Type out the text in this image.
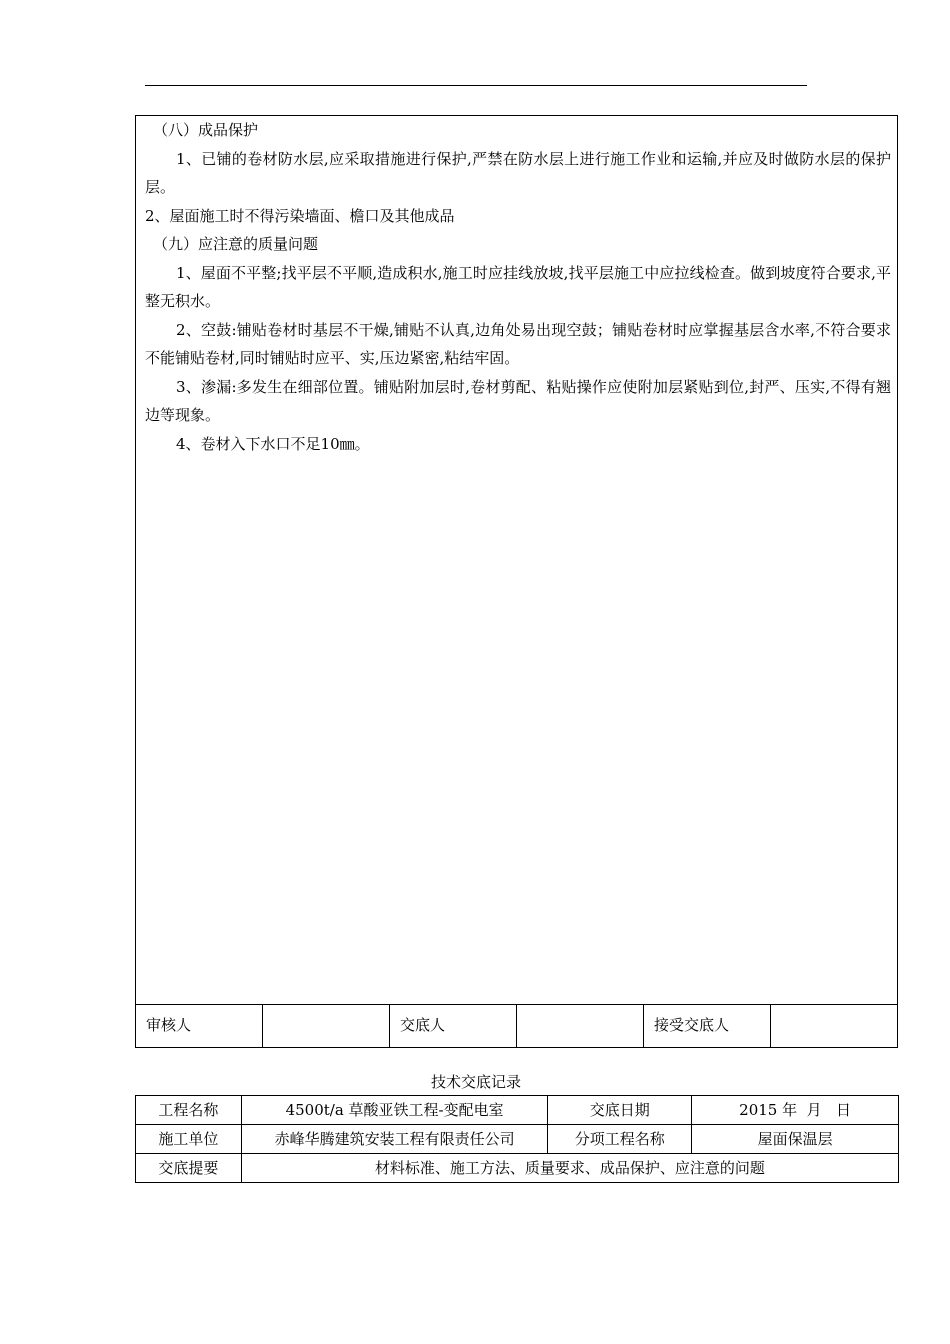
（八）成品保护

1、已铺的卷材防水层,应采取措施进行保护,严禁在防水层上进行施工作业和运输,并应及时做防水层的保护层。

2、屋面施工时不得污染墙面、檐口及其他成品

（九）应注意的质量问题

1、屋面不平整;找平层不平顺,造成积水,施工时应挂线放坡,找平层施工中应拉线检查。做到坡度符合要求,平整无积水。

2、空鼓:铺贴卷材时基层不干燥,铺贴不认真,边角处易出现空鼓；铺贴卷材时应掌握基层含水率,不符合要求不能铺贴卷材,同时铺贴时应平、实,压边紧密,粘结牢固。

3、渗漏:多发生在细部位置。铺贴附加层时,卷材剪配、粘贴操作应使附加层紧贴到位,封严、压实,不得有翘边等现象。

4、卷材入下水口不足10㎜。

审核人	交底人	接受交底人
技术交底记录
工程名称	4500t/a 草酸亚铁工程-变配电室	交底日期	2015 年  月   日
施工单位	赤峰华腾建筑安装工程有限责任公司	分项工程名称	屋面保温层
交底提要	材料标准、施工方法、质量要求、成品保护、应注意的问题		
